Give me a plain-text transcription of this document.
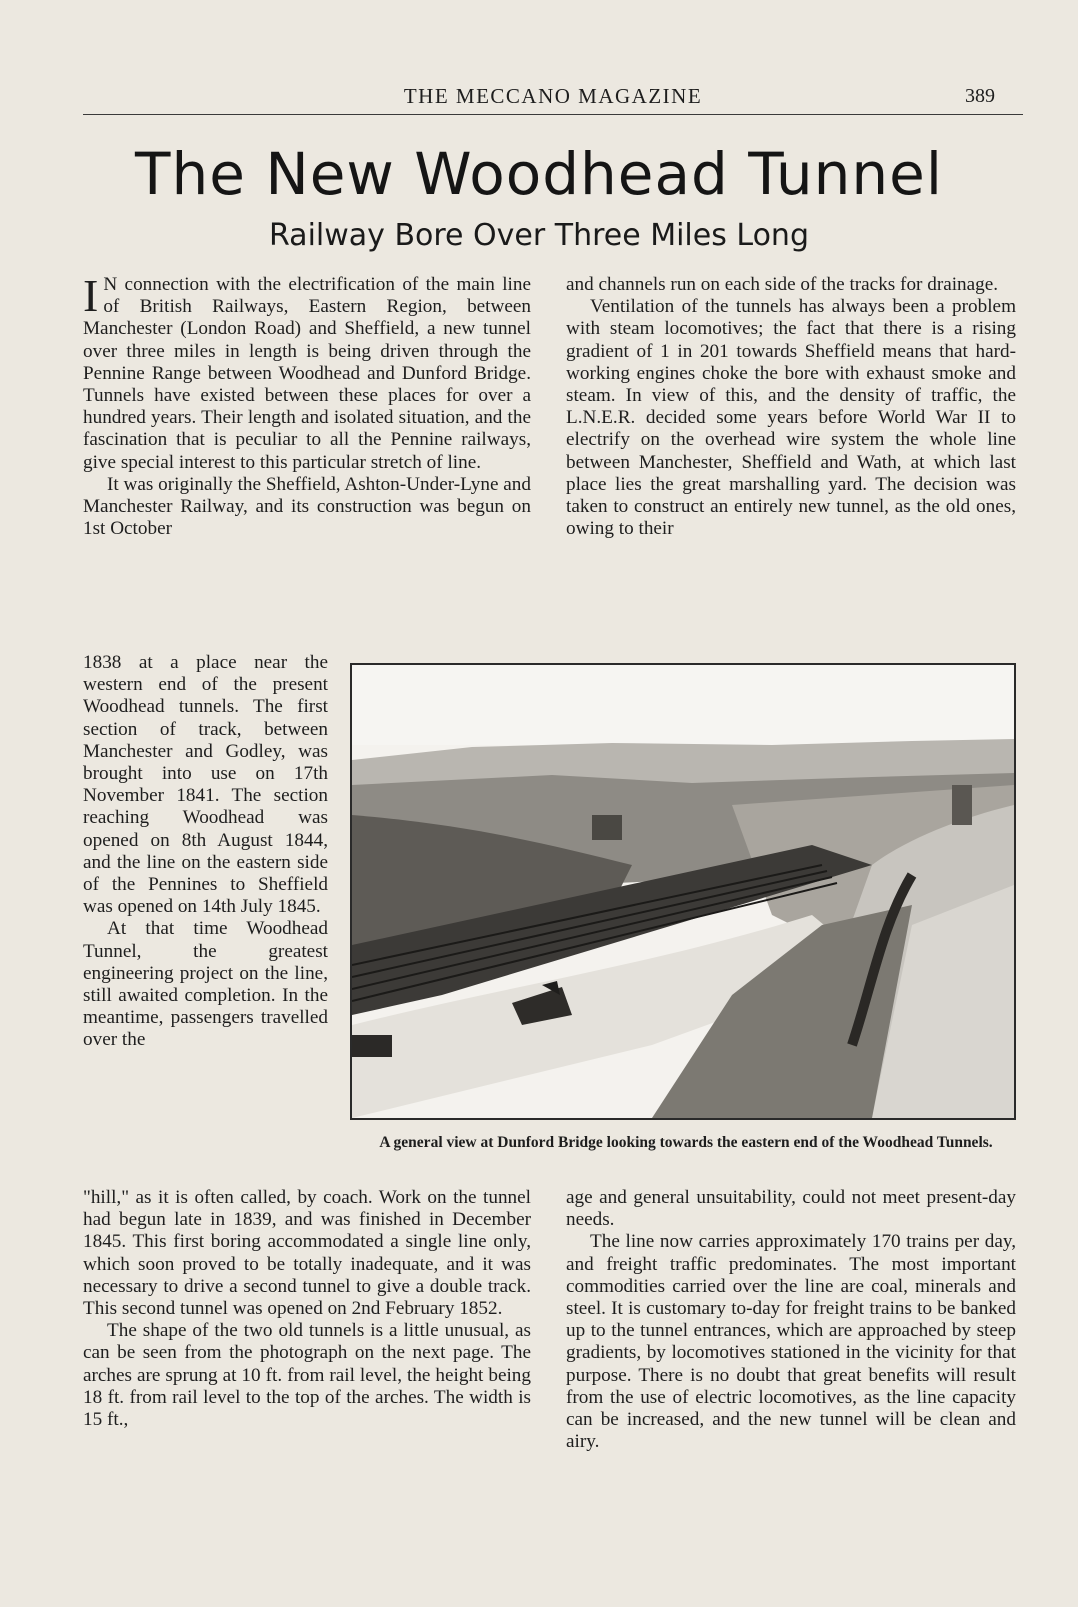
THE MECCANO MAGAZINE	389
The New Woodhead Tunnel
Railway Bore Over Three Miles Long

I N connection with the electrification of the main line of British Railways, Eastern Region, between Manchester (London Road) and Sheffield, a new tunnel over three miles in length is being driven through the Pennine Range between Woodhead and Dunford Bridge. Tunnels have existed between these places for over a hundred years. Their length and isolated situation, and the fascination that is peculiar to all the Pennine railways, give special interest to this particular stretch of line.

It was originally the Sheffield, Ashton-Under-Lyne and Manchester Railway, and its construction was begun on 1st October

1838 at a place near the western end of the present Woodhead tunnels. The first section of track, between Manchester and Godley, was brought into use on 17th November 1841. The section reaching Woodhead was opened on 8th August 1844, and the line on the eastern side of the Pennines to Sheffield was opened on 14th July 1845.

At that time Woodhead Tunnel, the greatest engineering project on the line, still awaited completion. In the meantime, passengers travelled over the

and channels run on each side of the tracks for drainage.

Ventilation of the tunnels has always been a problem with steam locomotives; the fact that there is a rising gradient of 1 in 201 towards Sheffield means that hard-working engines choke the bore with exhaust smoke and steam. In view of this, and the density of traffic, the L.N.E.R. decided some years before World War II to electrify on the overhead wire system the whole line between Manchester, Sheffield and Wath, at which last place lies the great marshalling yard. The decision was taken to construct an entirely new tunnel, as the old ones, owing to their

A general view at Dunford Bridge looking towards the eastern end of the Woodhead Tunnels.

"hill," as it is often called, by coach. Work on the tunnel had begun late in 1839, and was finished in December 1845. This first boring accommodated a single line only, which soon proved to be totally inadequate, and it was necessary to drive a second tunnel to give a double track. This second tunnel was opened on 2nd February 1852.

The shape of the two old tunnels is a little unusual, as can be seen from the photograph on the next page. The arches are sprung at 10 ft. from rail level, the height being 18 ft. from rail level to the top of the arches. The width is 15 ft.,

age and general unsuitability, could not meet present-day needs.

The line now carries approximately 170 trains per day, and freight traffic predominates. The most important commodities carried over the line are coal, minerals and steel. It is customary to-day for freight trains to be banked up to the tunnel entrances, which are approached by steep gradients, by locomotives stationed in the vicinity for that purpose. There is no doubt that great benefits will result from the use of electric locomotives, as the line capacity can be increased, and the new tunnel will be clean and airy.
